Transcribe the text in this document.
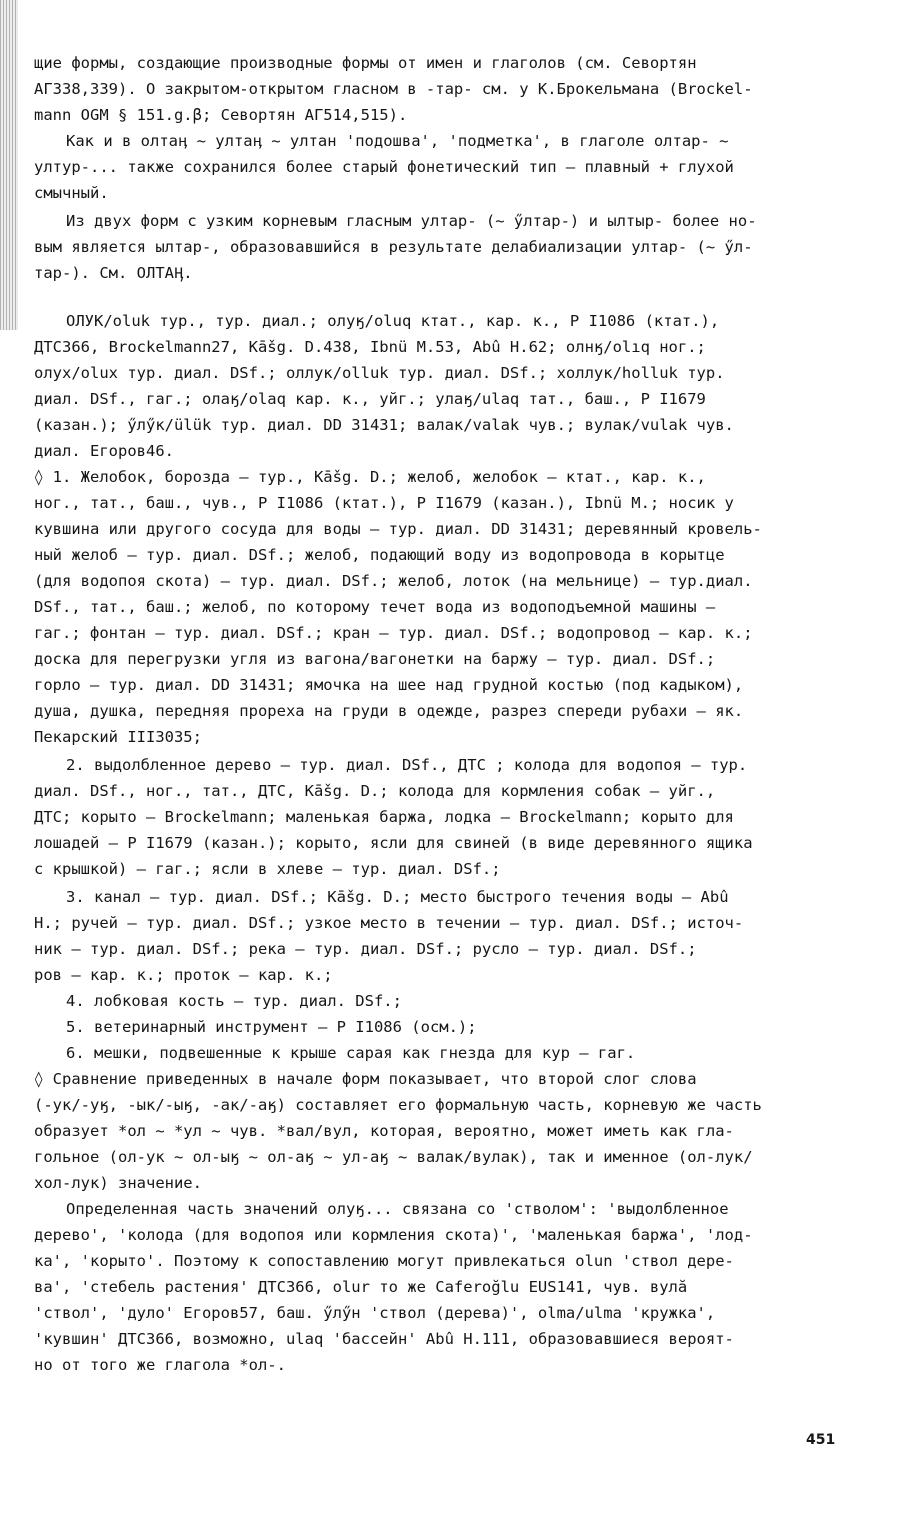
щие формы, создающие производные формы от имен и глаголов (см. Севортян
АГ338,339). О закрытом-открытом гласном в -тар- см. у К.Брокельмана (Brockel-
mann OGM § 151.g.β; Севортян АГ514,515).
Как и в олтаӊ ~ ултаӊ ~ ултан 'подошва', 'подметка', в глаголе олтар- ~
ултур-... также сохранился более старый фонетический тип – плавный + глухой
смычный.
Из двух форм с узким корневым гласным ултар- (~ ӳлтар-) и ылтыр- более но-
вым является ылтар-, образовавшийся в результате делабиализации ултар- (~ ӳл-
тар-). См. ОЛТАӉ.
ОЛУК/oluk тур., тур. диал.; олуӄ/oluq ктат., кар. к., Р I1086 (ктат.),
ДТС366, Brockelmann27, Kāšg. D.438, Ibnü M.53, Abû H.62; олнӄ/olıq ног.;
олух/olux тур. диал. DSf.; оллук/olluk тур. диал. DSf.; холлук/holluk тур.
диал. DSf., гаг.; олаӄ/olaq кар. к., уйг.; улаӄ/ulaq тат., баш., Р I1679
(казан.); ӳлӳк/ülük тур. диал. DD 31431; валак/valak чув.; вулак/vulak чув.
диал. Егоров46.
◊ 1. Желобок, борозда – тур., Kāšg. D.; желоб, желобок – ктат., кар. к.,
ног., тат., баш., чув., Р I1086 (ктат.), Р I1679 (казан.), Ibnü M.; носик у
кувшина или другого сосуда для воды – тур. диал. DD 31431; деревянный кровель-
ный желоб – тур. диал. DSf.; желоб, подающий воду из водопровода в корытце
(для водопоя скота) – тур. диал. DSf.; желоб, лоток (на мельнице) – тур.диал.
DSf., тат., баш.; желоб, по которому течет вода из водоподъемной машины –
гаг.; фонтан – тур. диал. DSf.; кран – тур. диал. DSf.; водопровод – кар. к.;
доска для перегрузки угля из вагона/вагонетки на баржу – тур. диал. DSf.;
горло – тур. диал. DD 31431; ямочка на шее над грудной костью (под кадыком),
душа, душка, передняя прореха на груди в одежде, разрез спереди рубахи – як.
Пекарский III3035;
2. выдолбленное дерево – тур. диал. DSf., ДТС ; колода для водопоя – тур.
диал. DSf., ног., тат., ДТС, Kāšg. D.; колода для кормления собак – уйг.,
ДТС; корыто – Brockelmann; маленькая баржа, лодка – Brockelmann; корыто для
лошадей – Р I1679 (казан.); корыто, ясли для свиней (в виде деревянного ящика
с крышкой) – гаг.; ясли в хлеве – тур. диал. DSf.;
3. канал – тур. диал. DSf.; Kāšg. D.; место быстрого течения воды – Abû
H.; ручей – тур. диал. DSf.; узкое место в течении – тур. диал. DSf.; источ-
ник – тур. диал. DSf.; река – тур. диал. DSf.; русло – тур. диал. DSf.;
ров – кар. к.; проток – кар. к.;
4. лобковая кость – тур. диал. DSf.;
5. ветеринарный инструмент – Р I1086 (осм.);
6. мешки, подвешенные к крыше сарая как гнезда для кур – гаг.
◊ Сравнение приведенных в начале форм показывает, что второй слог слова
(-ук/-уӄ, -ык/-ыӄ, -ак/-аӄ) составляет его формальную часть, корневую же часть
образует *ол ~ *ул ~ чув. *вал/вул, которая, вероятно, может иметь как гла-
гольное (ол-ук ~ ол-ыӄ ~ ол-аӄ ~ ул-аӄ ~ валак/вулак), так и именное (ол-лук/
хол-лук) значение.
Определенная часть значений олуӄ... связана со 'стволом': 'выдолбленное
дерево', 'колода (для водопоя или кормления скота)', 'маленькая баржа', 'лод-
ка', 'корыто'. Поэтому к сопоставлению могут привлекаться olun 'ствол дере-
ва', 'стебель растения' ДТС366, olur то же Caferoğlu EUS141, чув. вулă
'ствол', 'дуло' Егоров57, баш. ӳлӳн 'ствол (дерева)', olma/ulma 'кружка',
'кувшин' ДТС366, возможно, ulaq 'бассейн' Abû H.111, образовавшиеся вероят-
но от того же глагола *ол-.
451
